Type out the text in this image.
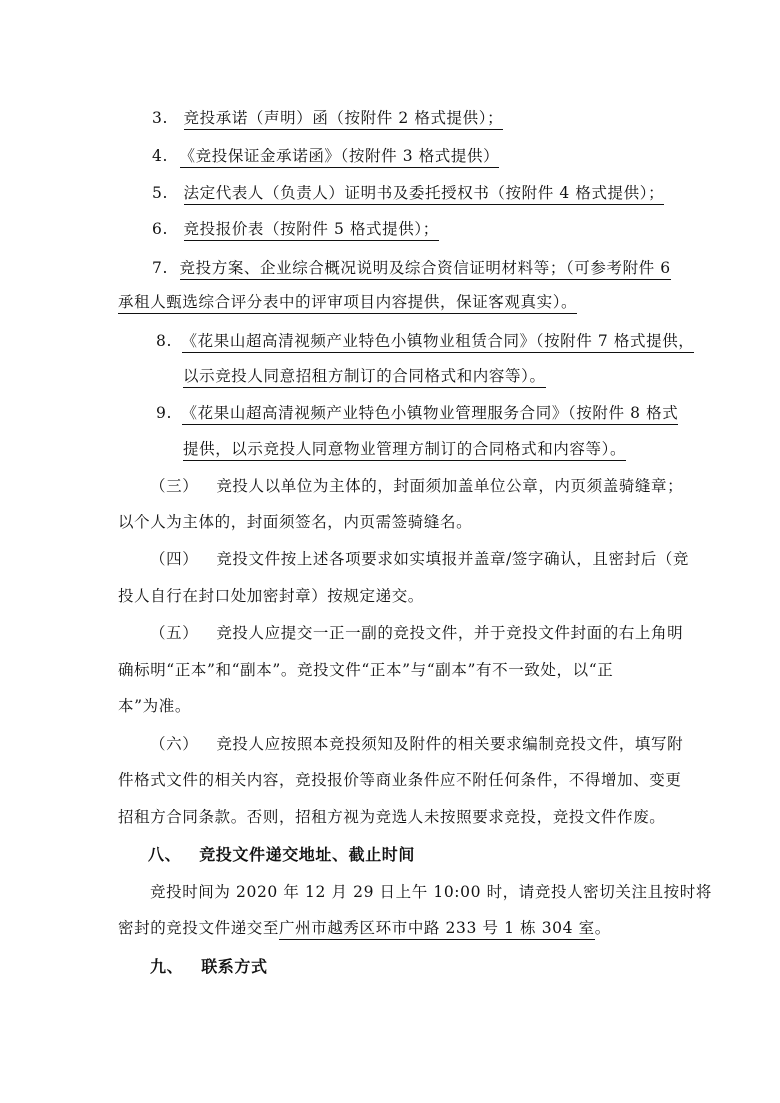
3. 竞投承诺（声明）函（按附件 2 格式提供）；
4. 《竞投保证金承诺函》（按附件 3 格式提供）
5. 法定代表人（负责人）证明书及委托授权书（按附件 4 格式提供）；
6. 竞投报价表（按附件 5 格式提供）；
7. 竞投方案、企业综合概况说明及综合资信证明材料等；（可参考附件 6
承租人甄选综合评分表中的评审项目内容提供，保证客观真实）。
8. 《花果山超高清视频产业特色小镇物业租赁合同》（按附件 7 格式提供，
以示竞投人同意招租方制订的合同格式和内容等）。
9. 《花果山超高清视频产业特色小镇物业管理服务合同》（按附件 8 格式
提供，以示竞投人同意物业管理方制订的合同格式和内容等）。
（三） 竞投人以单位为主体的，封面须加盖单位公章，内页须盖骑缝章；
以个人为主体的，封面须签名，内页需签骑缝名。
（四） 竞投文件按上述各项要求如实填报并盖章/签字确认，且密封后（竞
投人自行在封口处加密封章）按规定递交。
（五） 竞投人应提交一正一副的竞投文件，并于竞投文件封面的右上角明
确标明“正本”和“副本”。竞投文件“正本”与“副本”有不一致处，以“正
本”为准。
（六） 竞投人应按照本竞投须知及附件的相关要求编制竞投文件，填写附
件格式文件的相关内容，竞投报价等商业条件应不附任何条件，不得增加、变更
招租方合同条款。否则，招租方视为竞选人未按照要求竞投，竞投文件作废。
八、 竞投文件递交地址、截止时间
竞投时间为 2020 年 12 月 29 日上午 10:00 时，请竞投人密切关注且按时将
密封的竞投文件递交至广州市越秀区环市中路 233 号 1 栋 304 室。
九、 联系方式
